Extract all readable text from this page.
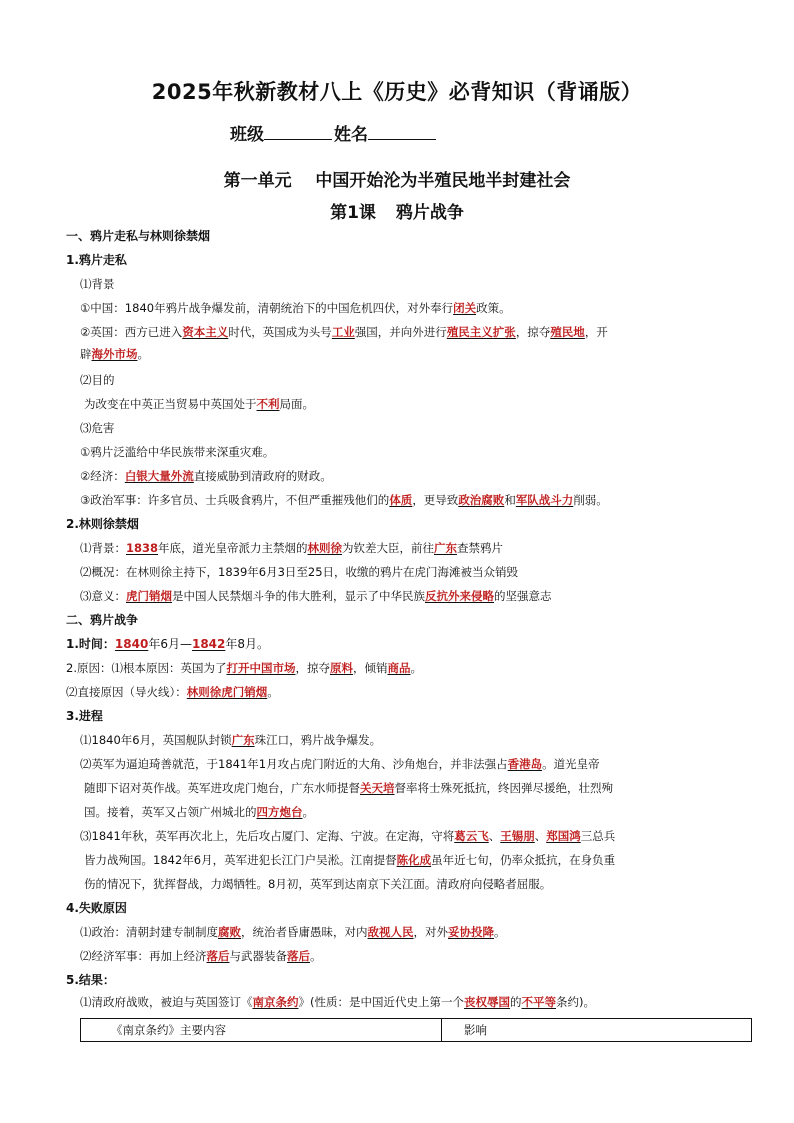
2025年秋新教材八上《历史》必背知识（背诵版）
班级	姓名
第一单元    中国开始沦为半殖民地半封建社会
第1课 鸦片战争
一、鸦片走私与林则徐禁烟
1.鸦片走私
⑴背景
①中国：1840年鸦片战争爆发前，清朝统治下的中国危机四伏，对外奉行闭关政策。
②英国：西方已进入资本主义时代，英国成为头号工业强国，并向外进行殖民主义扩张，掠夺殖民地，开
辟海外市场。
⑵目的
为改变在中英正当贸易中英国处于不利局面。
⑶危害
①鸦片泛滥给中华民族带来深重灾难。
②经济：白银大量外流直接威胁到清政府的财政。
③政治军事：许多官员、士兵吸食鸦片，不但严重摧残他们的体质，更导致政治腐败和军队战斗力削弱。
2.林则徐禁烟
⑴背景：1838年底，道光皇帝派力主禁烟的林则徐为钦差大臣，前往广东查禁鸦片
⑵概况：在林则徐主持下，1839年6月3日至25日，收缴的鸦片在虎门海滩被当众销毁
⑶意义：虎门销烟是中国人民禁烟斗争的伟大胜利，显示了中华民族反抗外来侵略的坚强意志
二、鸦片战争
1.时间：1840年6月—1842年8月。
2.原因：⑴根本原因：英国为了打开中国市场，掠夺原料，倾销商品。
⑵直接原因（导火线）：林则徐虎门销烟。
3.进程
⑴1840年6月，英国舰队封锁广东珠江口，鸦片战争爆发。
⑵英军为逼迫琦善就范，于1841年1月攻占虎门附近的大角、沙角炮台，并非法强占香港岛。道光皇帝
随即下诏对英作战。英军进攻虎门炮台，广东水师提督关天培督率将士殊死抵抗，终因弹尽援绝，壮烈殉
国。接着，英军又占领广州城北的四方炮台。
⑶1841年秋，英军再次北上，先后攻占厦门、定海、宁波。在定海，守将葛云飞、王锡朋、郑国鸿三总兵
皆力战殉国。1842年6月，英军进犯长江门户吴淞。江南提督陈化成虽年近七旬，仍率众抵抗，在身负重
伤的情况下，犹挥督战，力竭牺牲。8月初，英军到达南京下关江面。清政府向侵略者屈服。
4.失败原因
⑴政治：清朝封建专制制度腐败，统治者昏庸愚昧，对内敌视人民，对外妥协投降。
⑵经济军事：再加上经济落后与武器装备落后。
5.结果：
⑴清政府战败，被迫与英国签订《南京条约》(性质：是中国近代史上第一个丧权辱国的不平等条约)。
《南京条约》主要内容	影响
